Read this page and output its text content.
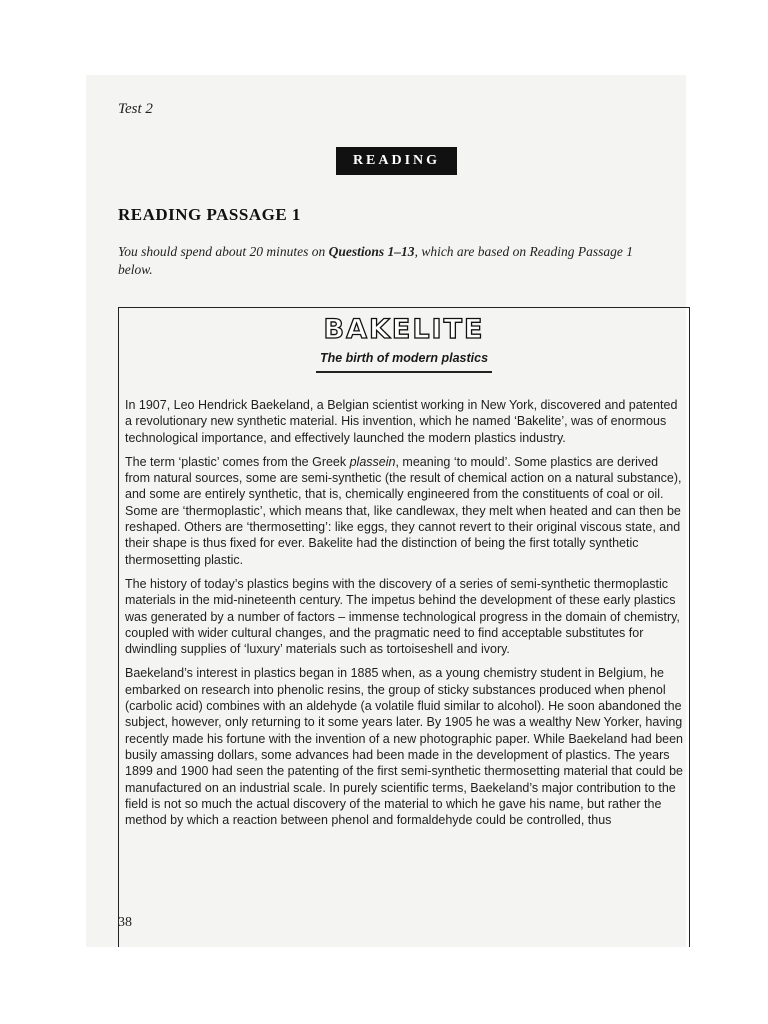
Test 2
READING
READING PASSAGE 1
You should spend about 20 minutes on Questions 1–13, which are based on Reading Passage 1 below.
BAKELITE
The birth of modern plastics

In 1907, Leo Hendrick Baekeland, a Belgian scientist working in New York, discovered and patented a revolutionary new synthetic material. His invention, which he named ‘Bakelite’, was of enormous technological importance, and effectively launched the modern plastics industry.

The term ‘plastic’ comes from the Greek plassein, meaning ‘to mould’. Some plastics are derived from natural sources, some are semi-synthetic (the result of chemical action on a natural substance), and some are entirely synthetic, that is, chemically engineered from the constituents of coal or oil. Some are ‘thermoplastic’, which means that, like candlewax, they melt when heated and can then be reshaped. Others are ‘thermosetting’: like eggs, they cannot revert to their original viscous state, and their shape is thus fixed for ever. Bakelite had the distinction of being the first totally synthetic thermosetting plastic.

The history of today’s plastics begins with the discovery of a series of semi-synthetic thermoplastic materials in the mid-nineteenth century. The impetus behind the development of these early plastics was generated by a number of factors – immense technological progress in the domain of chemistry, coupled with wider cultural changes, and the pragmatic need to find acceptable substitutes for dwindling supplies of ‘luxury’ materials such as tortoiseshell and ivory.

Baekeland’s interest in plastics began in 1885 when, as a young chemistry student in Belgium, he embarked on research into phenolic resins, the group of sticky substances produced when phenol (carbolic acid) combines with an aldehyde (a volatile fluid similar to alcohol). He soon abandoned the subject, however, only returning to it some years later. By 1905 he was a wealthy New Yorker, having recently made his fortune with the invention of a new photographic paper. While Baekeland had been busily amassing dollars, some advances had been made in the development of plastics. The years 1899 and 1900 had seen the patenting of the first semi-synthetic thermosetting material that could be manufactured on an industrial scale. In purely scientific terms, Baekeland’s major contribution to the field is not so much the actual discovery of the material to which he gave his name, but rather the method by which a reaction between phenol and formaldehyde could be controlled, thus

38
